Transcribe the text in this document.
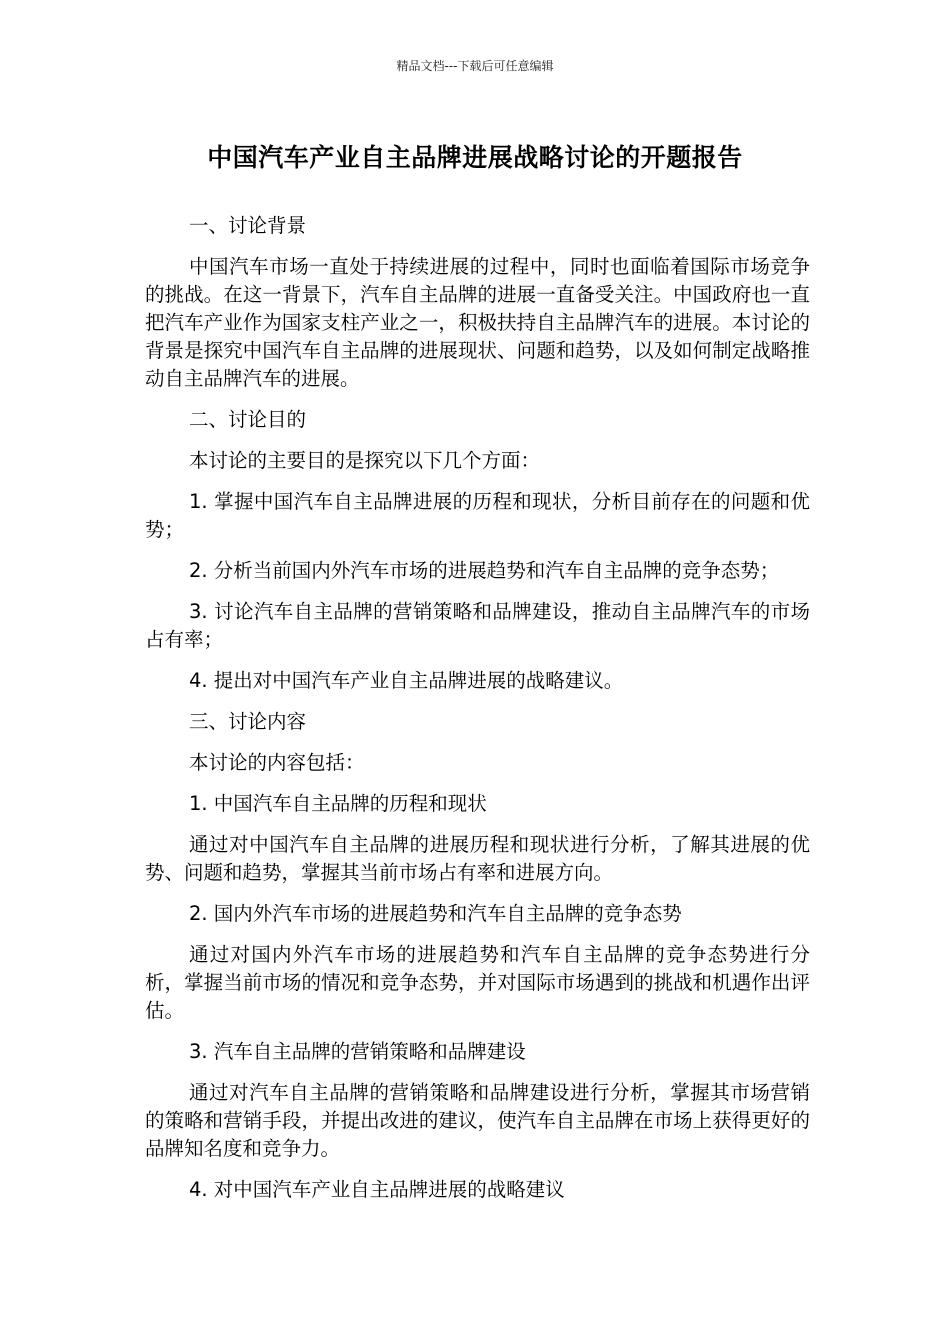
精品文档---下载后可任意编辑
中国汽车产业自主品牌进展战略讨论的开题报告

一、讨论背景

中国汽车市场一直处于持续进展的过程中，同时也面临着国际市场竞争的挑战。在这一背景下，汽车自主品牌的进展一直备受关注。中国政府也一直把汽车产业作为国家支柱产业之一，积极扶持自主品牌汽车的进展。本讨论的背景是探究中国汽车自主品牌的进展现状、问题和趋势，以及如何制定战略推动自主品牌汽车的进展。

二、讨论目的

本讨论的主要目的是探究以下几个方面：

1. 掌握中国汽车自主品牌进展的历程和现状，分析目前存在的问题和优势；

2. 分析当前国内外汽车市场的进展趋势和汽车自主品牌的竞争态势；

3. 讨论汽车自主品牌的营销策略和品牌建设，推动自主品牌汽车的市场占有率；

4. 提出对中国汽车产业自主品牌进展的战略建议。

三、讨论内容

本讨论的内容包括：

1. 中国汽车自主品牌的历程和现状

通过对中国汽车自主品牌的进展历程和现状进行分析，了解其进展的优势、问题和趋势，掌握其当前市场占有率和进展方向。

2. 国内外汽车市场的进展趋势和汽车自主品牌的竞争态势

通过对国内外汽车市场的进展趋势和汽车自主品牌的竞争态势进行分析，掌握当前市场的情况和竞争态势，并对国际市场遇到的挑战和机遇作出评估。

3. 汽车自主品牌的营销策略和品牌建设

通过对汽车自主品牌的营销策略和品牌建设进行分析，掌握其市场营销的策略和营销手段，并提出改进的建议，使汽车自主品牌在市场上获得更好的品牌知名度和竞争力。

4. 对中国汽车产业自主品牌进展的战略建议
